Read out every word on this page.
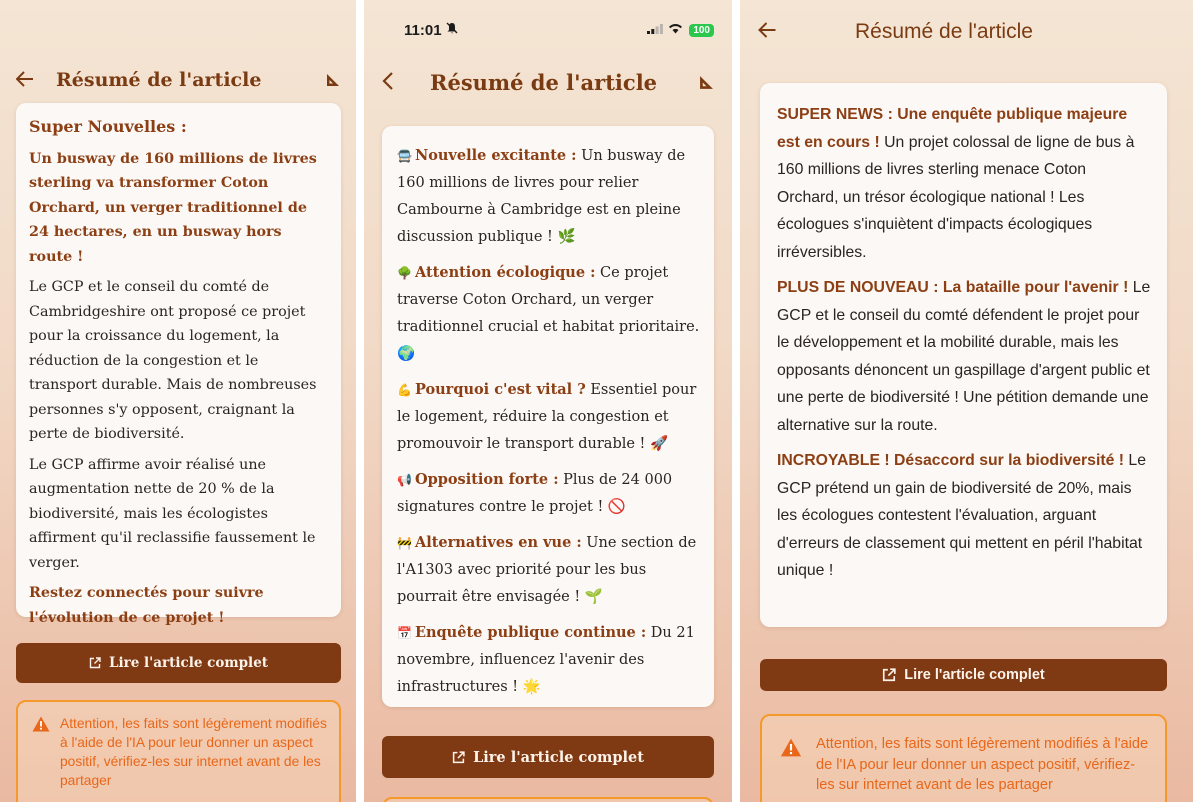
Résumé de l'article

Super Nouvelles :

Un busway de 160 millions de livres sterling va transformer Coton Orchard, un verger traditionnel de 24 hectares, en un busway hors route !

Le GCP et le conseil du comté de Cambridgeshire ont proposé ce projet pour la croissance du logement, la réduction de la congestion et le transport durable. Mais de nombreuses personnes s'y opposent, craignant la perte de biodiversité.

Le GCP affirme avoir réalisé une augmentation nette de 20 % de la biodiversité, mais les écologistes affirment qu'il reclassifie faussement le verger.

Restez connectés pour suivre l'évolution de ce projet !

Lire l'article complet
Attention, les faits sont légèrement modifiés à l'aide de l'IA pour leur donner un aspect positif, vérifiez-les sur internet avant de les partager
11:01	100
Résumé de l'article

🚍 Nouvelle excitante : Un busway de 160 millions de livres pour relier Cambourne à Cambridge est en pleine discussion publique ! 🌿

🌳 Attention écologique : Ce projet traverse Coton Orchard, un verger traditionnel crucial et habitat prioritaire. 🌍

💪 Pourquoi c'est vital ? Essentiel pour le logement, réduire la congestion et promouvoir le transport durable ! 🚀

📢 Opposition forte : Plus de 24 000 signatures contre le projet ! 🚫

🚧 Alternatives en vue : Une section de l'A1303 avec priorité pour les bus pourrait être envisagée ! 🌱

📅 Enquête publique continue : Du 21 novembre, influencez l'avenir des infrastructures ! 🌟

Lire l'article complet
Résumé de l'article

SUPER NEWS : Une enquête publique majeure est en cours ! Un projet colossal de ligne de bus à 160 millions de livres sterling menace Coton Orchard, un trésor écologique national ! Les écologues s'inquiètent d'impacts écologiques irréversibles.

PLUS DE NOUVEAU : La bataille pour l'avenir ! Le GCP et le conseil du comté défendent le projet pour le développement et la mobilité durable, mais les opposants dénoncent un gaspillage d'argent public et une perte de biodiversité ! Une pétition demande une alternative sur la route.

INCROYABLE ! Désaccord sur la biodiversité ! Le GCP prétend un gain de biodiversité de 20%, mais les écologues contestent l'évaluation, arguant d'erreurs de classement qui mettent en péril l'habitat unique !

Lire l'article complet
Attention, les faits sont légèrement modifiés à l'aide de l'IA pour leur donner un aspect positif, vérifiez-les sur internet avant de les partager
